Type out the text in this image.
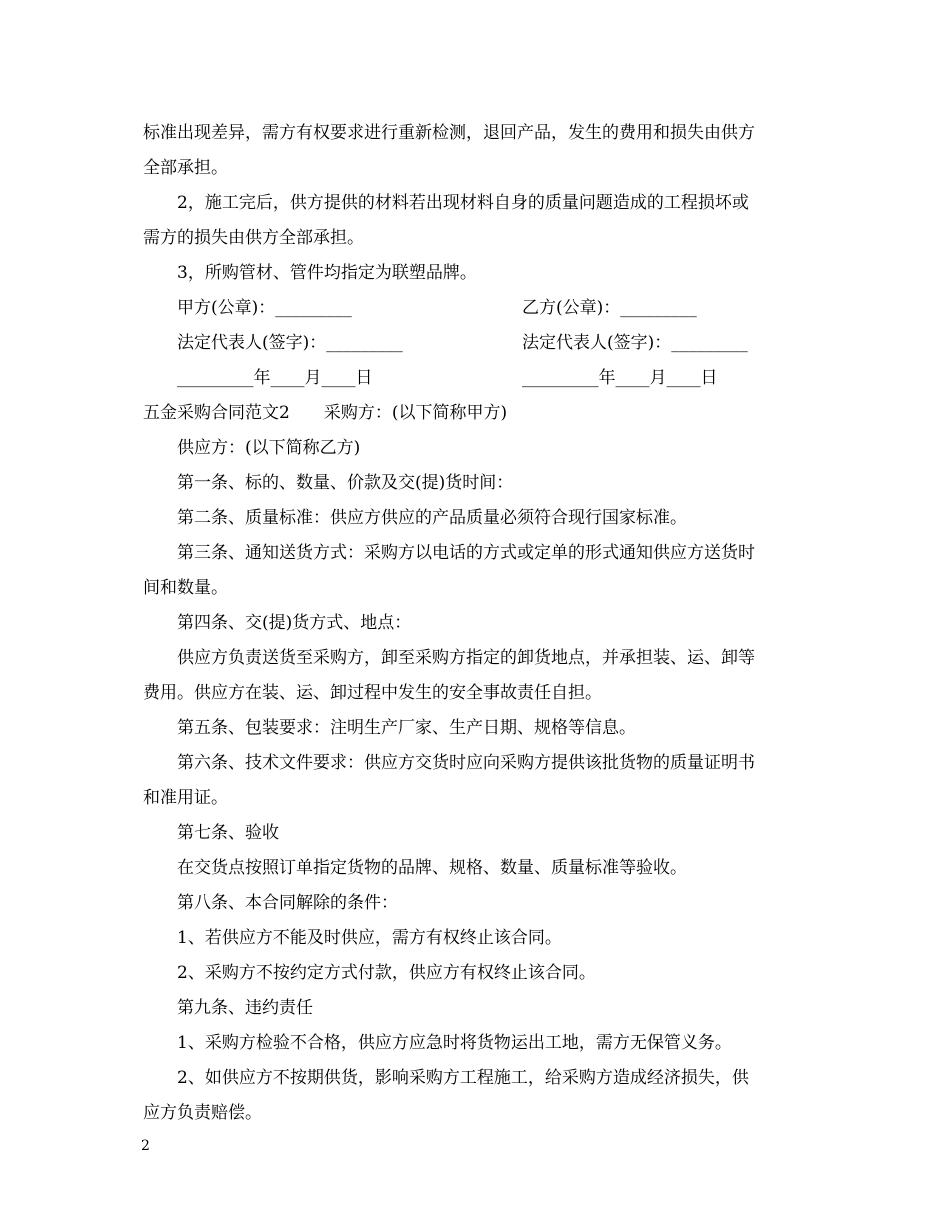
标准出现差异，需方有权要求进行重新检测，退回产品，发生的费用和损失由供方
全部承担。
2，施工完后，供方提供的材料若出现材料自身的质量问题造成的工程损坏或
需方的损失由供方全部承担。
3，所购管材、管件均指定为联塑品牌。
甲方(公章)：_________	乙方(公章)：_________
法定代表人(签字)：_________	法定代表人(签字)：_________
_________年____月____日	_________年____月____日
五金采购合同范文2　　采购方：(以下简称甲方)
供应方：(以下简称乙方)
第一条、标的、数量、价款及交(提)货时间：
第二条、质量标准：供应方供应的产品质量必须符合现行国家标准。
第三条、通知送货方式：采购方以电话的方式或定单的形式通知供应方送货时
间和数量。
第四条、交(提)货方式、地点：
供应方负责送货至采购方，卸至采购方指定的卸货地点，并承担装、运、卸等
费用。供应方在装、运、卸过程中发生的安全事故责任自担。
第五条、包装要求：注明生产厂家、生产日期、规格等信息。
第六条、技术文件要求：供应方交货时应向采购方提供该批货物的质量证明书
和准用证。
第七条、验收
在交货点按照订单指定货物的品牌、规格、数量、质量标准等验收。
第八条、本合同解除的条件：
1、若供应方不能及时供应，需方有权终止该合同。
2、采购方不按约定方式付款，供应方有权终止该合同。
第九条、违约责任
1、采购方检验不合格，供应方应急时将货物运出工地，需方无保管义务。
2、如供应方不按期供货，影响采购方工程施工，给采购方造成经济损失，供
应方负责赔偿。
2
